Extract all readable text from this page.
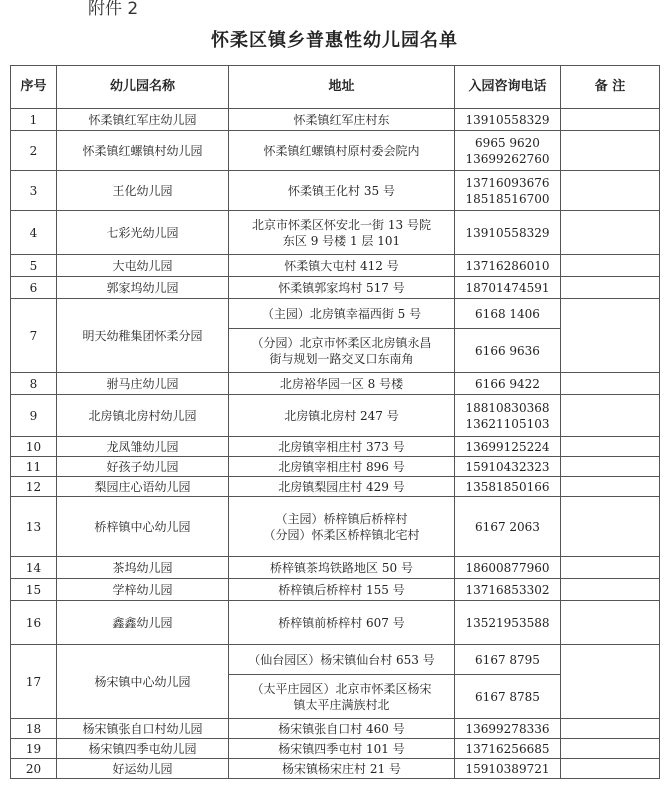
附件 2
怀柔区镇乡普惠性幼儿园名单
序号	幼儿园名称	地址	入园咨询电话	备 注
1	怀柔镇红军庄幼儿园	怀柔镇红军庄村东	13910558329	
2	怀柔镇红螺镇村幼儿园	怀柔镇红螺镇村原村委会院内	6965 9620
13699262760	

3	王化幼儿园	怀柔镇王化村 35 号	13716093676
18518516700	

4	七彩光幼儿园	北京市怀柔区怀安北一街 13 号院
东区 9 号楼 1 层 101	13910558329	
5	大屯幼儿园	怀柔镇大屯村 412 号	13716286010	
6	郭家坞幼儿园	怀柔镇郭家坞村 517 号	18701474591	
7	明天幼稚集团怀柔分园	（主园）北房镇幸福西街 5 号	6168 1406	

		（分园）北京市怀柔区北房镇永昌
街与规划一路交叉口东南角	6166 9636	
8	驸马庄幼儿园	北房裕华园一区 8 号楼	6166 9422	
9	北房镇北房村幼儿园	北房镇北房村 247 号	18810830368
13621105103	

10	龙凤雏幼儿园	北房镇宰相庄村 373 号	13699125224	
11	好孩子幼儿园	北房镇宰相庄村 896 号	15910432323	
12	梨园庄心语幼儿园	北房镇梨园庄村 429 号	13581850166	
13	桥梓镇中心幼儿园	（主园）桥梓镇后桥梓村
（分园）怀柔区桥梓镇北宅村	6167 2063	
14	茶坞幼儿园	桥梓镇茶坞铁路地区 50 号	18600877960	
15	学梓幼儿园	桥梓镇后桥梓村 155 号	13716853302	
16	鑫鑫幼儿园	桥梓镇前桥梓村 607 号	13521953588	
17	杨宋镇中心幼儿园	（仙台园区）杨宋镇仙台村 653 号	6167 8795	

		（太平庄园区）北京市怀柔区杨宋
镇太平庄满族村北	6167 8785	
18	杨宋镇张自口村幼儿园	杨宋镇张自口村 460 号	13699278336	
19	杨宋镇四季屯幼儿园	杨宋镇四季屯村 101 号	13716256685	
20	好运幼儿园	杨宋镇杨宋庄村 21 号	15910389721	
